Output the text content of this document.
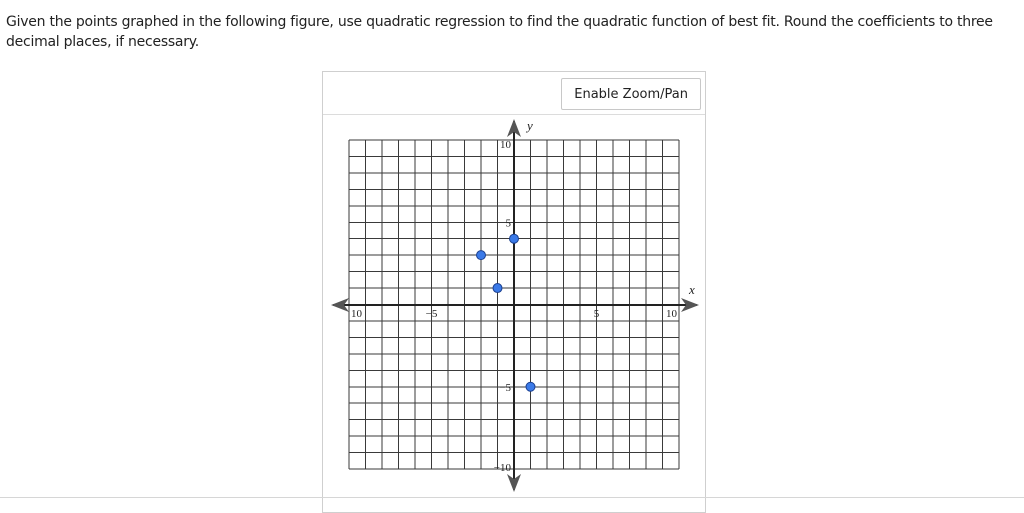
Given the points graphed in the following figure, use quadratic regression to find the quadratic function of best fit. Round the coefficients to three decimal places, if necessary.
Enable Zoom/Pan
x
y
10	−5	5	10
10
5
−5
−10
